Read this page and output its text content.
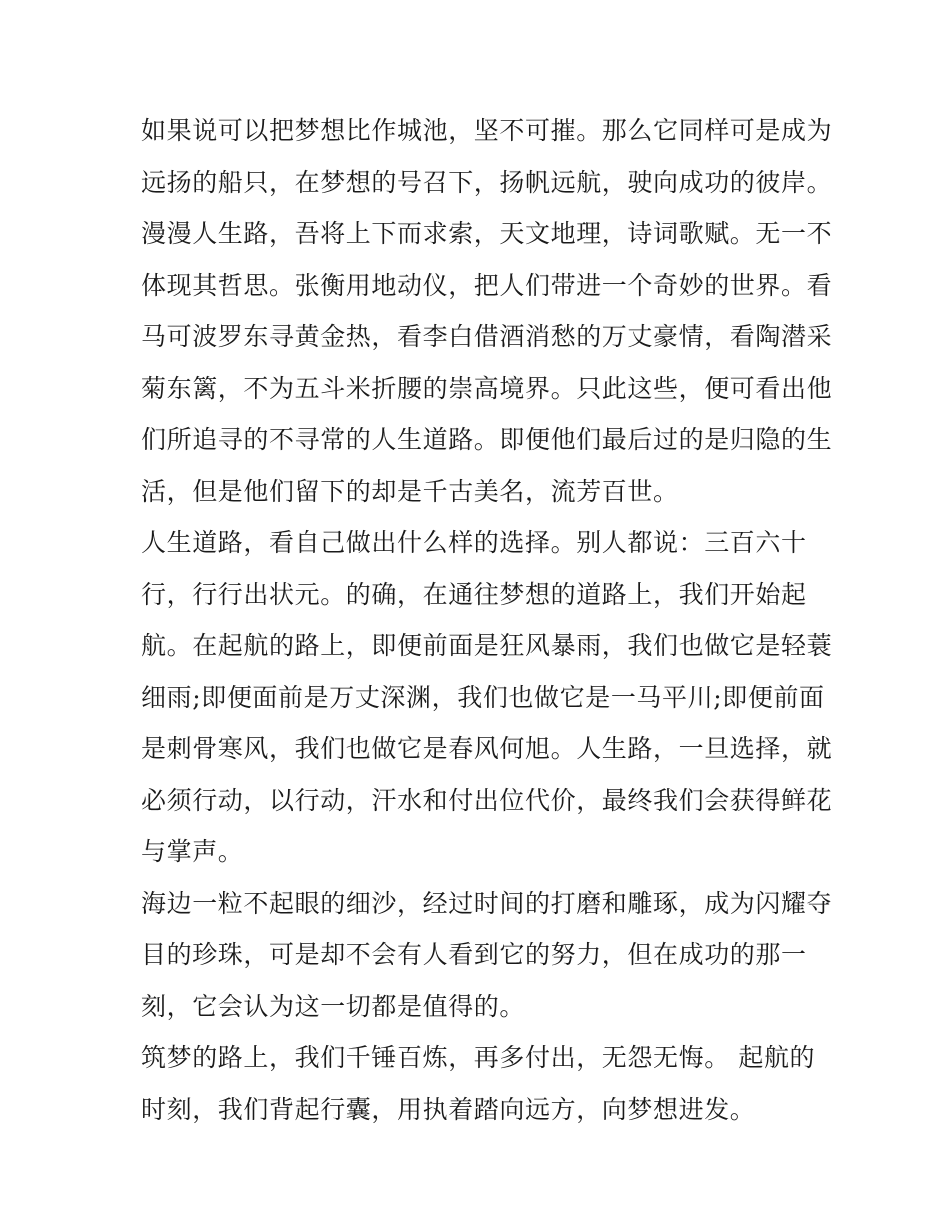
如果说可以把梦想比作城池，坚不可摧。那么它同样可是成为
远扬的船只，在梦想的号召下，扬帆远航，驶向成功的彼岸。
漫漫人生路，吾将上下而求索，天文地理，诗词歌赋。无一不
体现其哲思。张衡用地动仪，把人们带进一个奇妙的世界。看
马可波罗东寻黄金热，看李白借酒消愁的万丈豪情，看陶潜采
菊东篱，不为五斗米折腰的崇高境界。只此这些，便可看出他
们所追寻的不寻常的人生道路。即便他们最后过的是归隐的生
活，但是他们留下的却是千古美名，流芳百世。
人生道路，看自己做出什么样的选择。别人都说：三百六十
行，行行出状元。的确，在通往梦想的道路上，我们开始起
航。在起航的路上，即便前面是狂风暴雨，我们也做它是轻蓑
细雨;即便面前是万丈深渊，我们也做它是一马平川;即便前面
是刺骨寒风，我们也做它是春风何旭。人生路，一旦选择，就
必须行动，以行动，汗水和付出位代价，最终我们会获得鲜花
与掌声。
海边一粒不起眼的细沙，经过时间的打磨和雕琢，成为闪耀夺
目的珍珠，可是却不会有人看到它的努力，但在成功的那一
刻，它会认为这一切都是值得的。
筑梦的路上，我们千锤百炼，再多付出，无怨无悔。 起航的
时刻，我们背起行囊，用执着踏向远方，向梦想进发。
